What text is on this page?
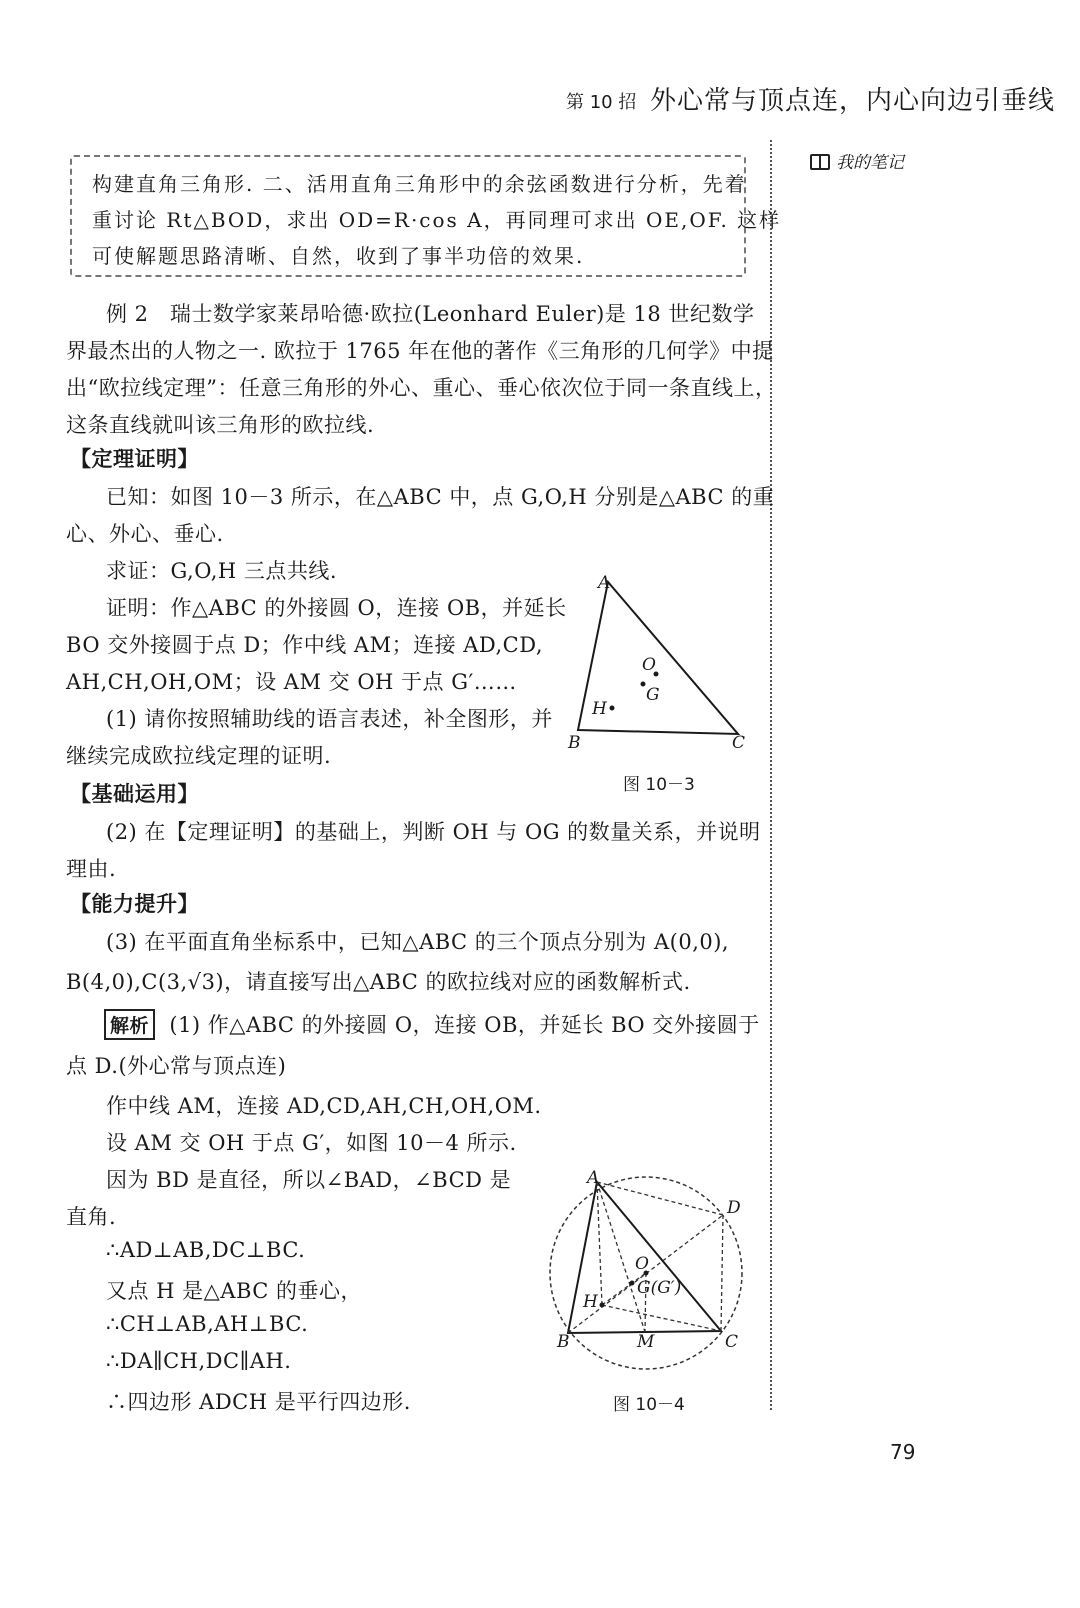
第 10 招 外心常与顶点连，内心向边引垂线
我的笔记
构建直角三角形. 二、活用直角三角形中的余弦函数进行分析，先着
重讨论 Rt△BOD，求出 OD=R·cos A，再同理可求出 OE,OF. 这样
可使解题思路清晰、自然，收到了事半功倍的效果.
例 2　瑞士数学家莱昂哈德·欧拉(Leonhard Euler)是 18 世纪数学
界最杰出的人物之一. 欧拉于 1765 年在他的著作《三角形的几何学》中提
出“欧拉线定理”：任意三角形的外心、重心、垂心依次位于同一条直线上，
这条直线就叫该三角形的欧拉线.
【定理证明】
已知：如图 10－3 所示，在△ABC 中，点 G,O,H 分别是△ABC 的重
心、外心、垂心.
求证：G,O,H 三点共线.
证明：作△ABC 的外接圆 O，连接 OB，并延长
BO 交外接圆于点 D；作中线 AM；连接 AD,CD,
AH,CH,OH,OM；设 AM 交 OH 于点 G′……
(1) 请你按照辅助线的语言表述，补全图形，并
继续完成欧拉线定理的证明.
A
B	C
O
G
H
图 10－3
【基础运用】
(2) 在【定理证明】的基础上，判断 OH 与 OG 的数量关系，并说明
理由.
【能力提升】
(3) 在平面直角坐标系中，已知△ABC 的三个顶点分别为 A(0,0),
B(4,0),C(3,√3)，请直接写出△ABC 的欧拉线对应的函数解析式.
解析 (1) 作△ABC 的外接圆 O，连接 OB，并延长 BO 交外接圆于
点 D.(外心常与顶点连)
作中线 AM，连接 AD,CD,AH,CH,OH,OM.
设 AM 交 OH 于点 G′，如图 10－4 所示.
因为 BD 是直径，所以∠BAD，∠BCD 是
直角.
∴AD⊥AB,DC⊥BC.
又点 H 是△ABC 的垂心，
∴CH⊥AB,AH⊥BC.
∴DA∥CH,DC∥AH.
∴四边形 ADCH 是平行四边形.
A
D
B	C
M
O
G(G′)
H
图 10－4
79
